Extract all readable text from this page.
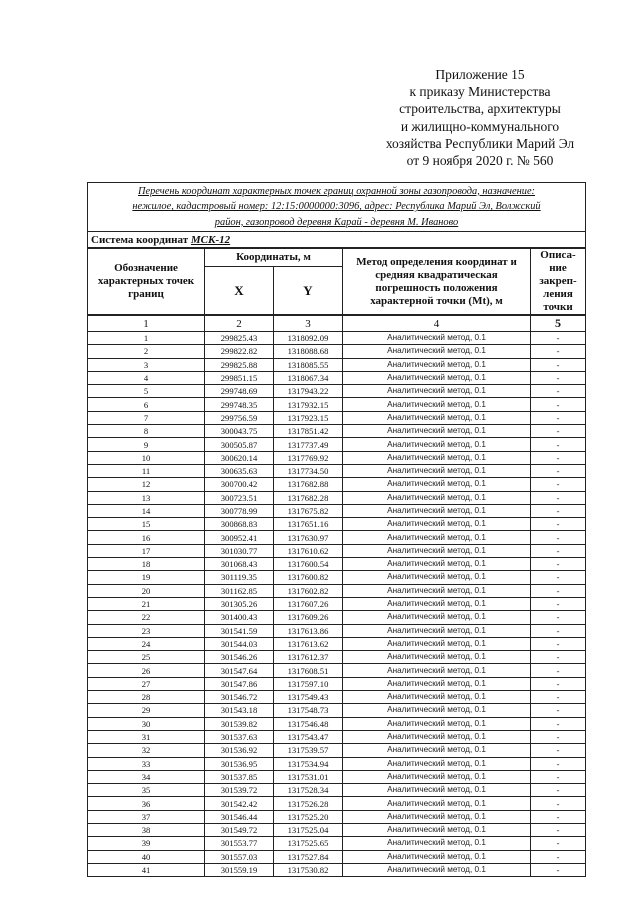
Приложение 15
к приказу Министерства
строительства, архитектуры
и жилищно-коммунального
хозяйства Республики Марий Эл
от 9 ноября 2020 г. № 560
Перечень координат характерных точек границ охранной зоны газопровода, назначение:
нежилое, кадастровый номер: 12:15:0000000:3096, адрес: Республика Марий Эл, Волжский
район, газопровод деревня Карай - деревня М. Иваново				

Система координат МСК-12				
Обозначение характерных точек границ	Координаты, м		Метод определения координат и средняя квадратическая погрешность положения характерной точки (Mt), м	Описа-ние закреп-ления точки
	X	Y		
1	2	3	4	5
1	299825.43	1318092.09	Аналитический метод, 0.1	-
2	299822.82	1318088.68	Аналитический метод, 0.1	-
3	299825.88	1318085.55	Аналитический метод, 0.1	-
4	299851.15	1318067.34	Аналитический метод, 0.1	-
5	299748.69	1317943.22	Аналитический метод, 0.1	-
6	299748.35	1317932.15	Аналитический метод, 0.1	-
7	299756.59	1317923.15	Аналитический метод, 0.1	-
8	300043.75	1317851.42	Аналитический метод, 0.1	-
9	300505.87	1317737.49	Аналитический метод, 0.1	-
10	300620.14	1317769.92	Аналитический метод, 0.1	-
11	300635.63	1317734.50	Аналитический метод, 0.1	-
12	300700.42	1317682.88	Аналитический метод, 0.1	-
13	300723.51	1317682.28	Аналитический метод, 0.1	-
14	300778.99	1317675.82	Аналитический метод, 0.1	-
15	300868.83	1317651.16	Аналитический метод, 0.1	-
16	300952.41	1317630.97	Аналитический метод, 0.1	-
17	301030.77	1317610.62	Аналитический метод, 0.1	-
18	301068.43	1317600.54	Аналитический метод, 0.1	-
19	301119.35	1317600.82	Аналитический метод, 0.1	-
20	301162.85	1317602.82	Аналитический метод, 0.1	-
21	301305.26	1317607.26	Аналитический метод, 0.1	-
22	301400.43	1317609.26	Аналитический метод, 0.1	-
23	301541.59	1317613.86	Аналитический метод, 0.1	-
24	301544.03	1317613.62	Аналитический метод, 0.1	-
25	301546.26	1317612.37	Аналитический метод, 0.1	-
26	301547.64	1317608.51	Аналитический метод, 0.1	-
27	301547.86	1317597.10	Аналитический метод, 0.1	-
28	301546.72	1317549.43	Аналитический метод, 0.1	-
29	301543.18	1317548.73	Аналитический метод, 0.1	-
30	301539.82	1317546.48	Аналитический метод, 0.1	-
31	301537.63	1317543.47	Аналитический метод, 0.1	-
32	301536.92	1317539.57	Аналитический метод, 0.1	-
33	301536.95	1317534.94	Аналитический метод, 0.1	-
34	301537.85	1317531.01	Аналитический метод, 0.1	-
35	301539.72	1317528.34	Аналитический метод, 0.1	-
36	301542.42	1317526.28	Аналитический метод, 0.1	-
37	301546.44	1317525.20	Аналитический метод, 0.1	-
38	301549.72	1317525.04	Аналитический метод, 0.1	-
39	301553.77	1317525.65	Аналитический метод, 0.1	-
40	301557.03	1317527.84	Аналитический метод, 0.1	-
41	301559.19	1317530.82	Аналитический метод, 0.1	-
